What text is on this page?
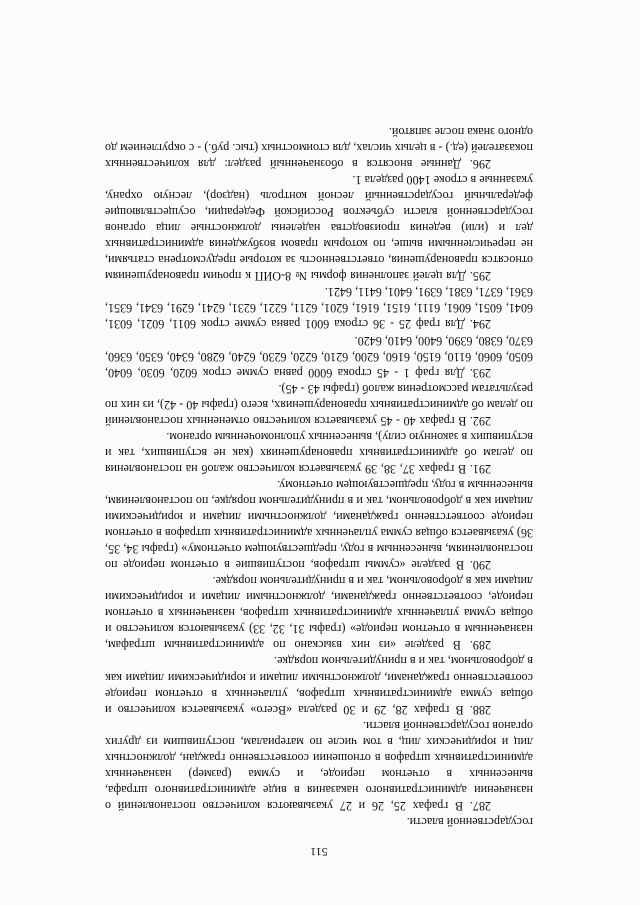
511

государственной власти.

287. В графах 25, 26 и 27 указываются количество постановлений о назначении административного наказания в виде административного штрафа, вынесенных в отчетном периоде, и сумма (размер) назначенных административных штрафов в отношении соответственно граждан, должностных лиц и юридических лиц, в том числе по материалам, поступившим из других органов государственной власти.

288. В графах 28, 29 и 30 раздела «Всего» указывается количество и общая сумма административных штрафов, уплаченных в отчетном периоде соответственно гражданами, должностными лицами и юридическими лицами как в добровольном, так и в принудительном порядке.

289. В разделе «из них взыскано по административным штрафам, назначенным в отчетном периоде» (графы 31, 32, 33) указываются количество и общая сумма уплаченных административных штрафов, назначенных в отчетном периоде, соответственно гражданами, должностными лицами и юридическими лицами как в добровольном, так и в принудительном порядке.

290. В разделе «суммы штрафов, поступившие в отчетном периоде по постановлениям, вынесенным в году, предшествующем отчетному» (графы 34, 35, 36) указывается общая сумма уплаченных административных штрафов в отчетном периоде соответственно гражданами, должностными лицами и юридическими лицами как в добровольном, так и в принудительном порядке, по постановлениям, вынесенным в году, предшествующем отчетному.

291. В графах 37, 38, 39 указывается количество жалоб на постановления по делам об административных правонарушениях (как не вступивших, так и вступивших в законную силу), вынесенных уполномоченным органом.

292. В графах 40 - 45 указывается количество отмененных постановлений по делам об административных правонарушениях, всего (графы 40 - 42), из них по результатам рассмотрения жалоб (графы 43 - 45).

293. Для граф 1 - 45 строка 6000 равна сумме строк 6020, 6030, 6040, 6050, 6060, 6110, 6150, 6160, 6200, 6210, 6220, 6230, 6240, 6280, 6340, 6350, 6360, 6370, 6380, 6390, 6400, 6410, 6420.

294. Для граф 25 - 36 строка 6001 равна сумме строк 6011, 6021, 6031, 6041, 6051, 6061, 6111, 6151, 6161, 6201, 6211, 6221, 6231, 6241, 6291, 6341, 6351, 6361, 6371, 6381, 6391, 6401, 6411, 6421.

295. Для целей заполнения формы № 8-ОИП к прочим правонарушениям относятся правонарушения, ответственность за которые предусмотрена статьями, не перечисленными выше, по которым правом возбуждения административных дел и (или) ведения производства наделены должностные лица органов государственной власти субъектов Российской Федерации, осуществляющие федеральный государственный лесной контроль (надзор), лесную охрану, указанные в строке 1400 раздела 1.

296. Данные вносятся в обозначенный раздел: для количественных показателей (ед.) - в целых числах, для стоимостных (тыс. руб.) - с округлением до одного знака после запятой.
